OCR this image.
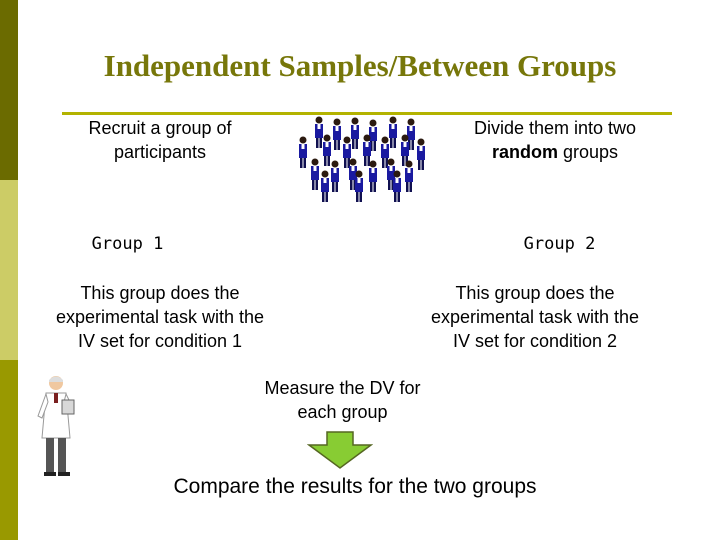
Independent Samples/Between Groups
Recruit a group of
participants
Divide them into two
random groups
Group 1	Group 2
This group does the
experimental task with the
IV set for condition 1
This group does the
experimental task with the
IV set for condition 2
Measure the DV for
each group
Compare the results for the two groups
